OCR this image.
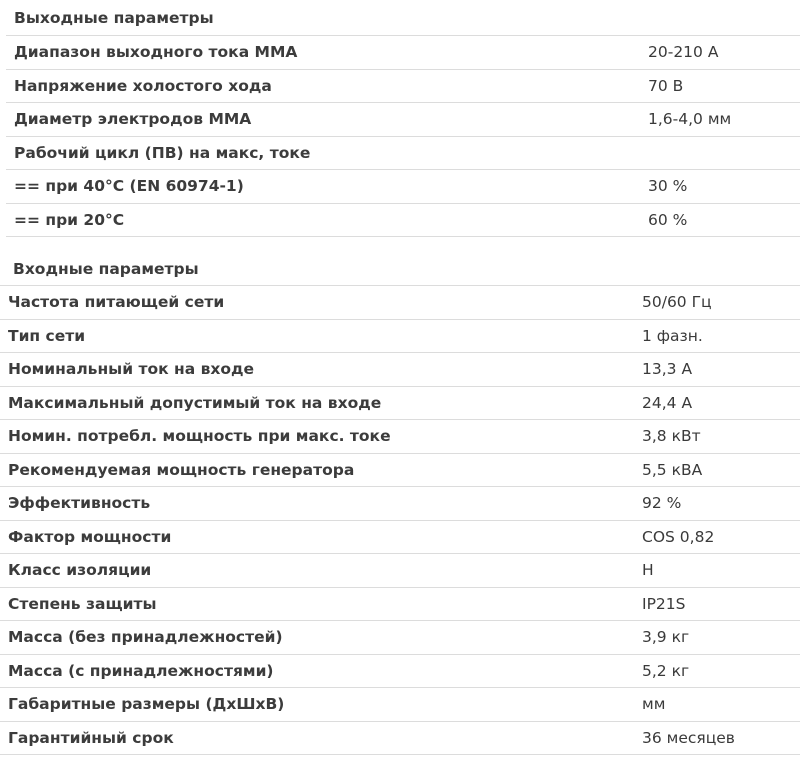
Выходные параметры
Диапазон выходного тока MMA	20-210 А
Напряжение холостого хода	70 В
Диаметр электродов MMA	1,6-4,0 мм
Рабочий цикл (ПВ) на макс, токе
== при 40°C (EN 60974-1)	30 %
== при 20°C	60 %
Входные параметры
Частота питающей сети	50/60 Гц
Тип сети	1 фазн.
Номинальный ток на входе	13,3 А
Максимальный допустимый ток на входе	24,4 А
Номин. потребл. мощность при макс. токе	3,8 кВт
Рекомендуемая мощность генератора	5,5 кВА
Эффективность	92 %
Фактор мощности	COS 0,82
Класс изоляции	H
Степень защиты	IP21S
Масса (без принадлежностей)	3,9 кг
Масса (с принадлежностями)	5,2 кг
Габаритные размеры (ДхШхВ)	мм
Гарантийный срок	36 месяцев
